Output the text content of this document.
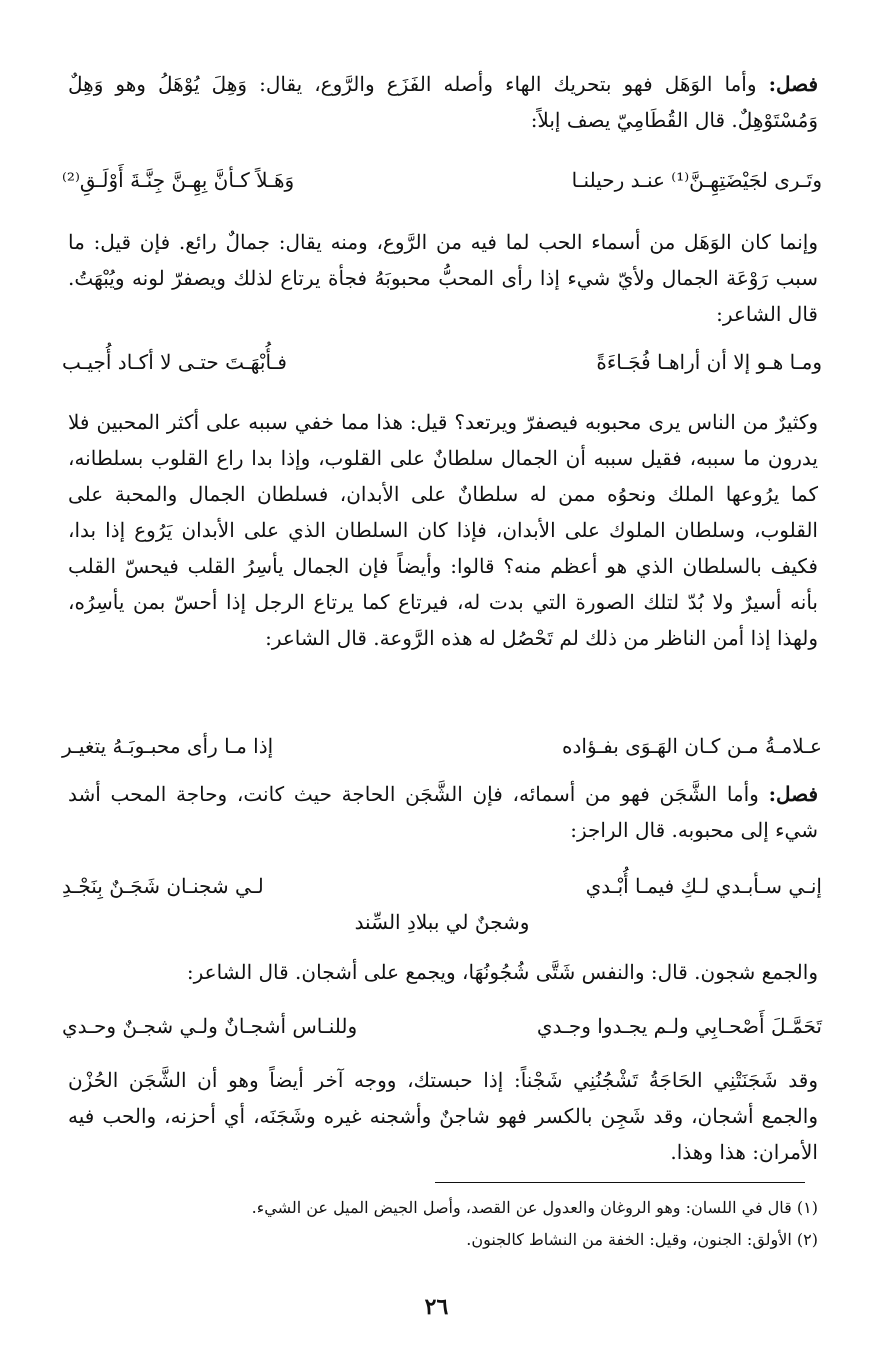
فصل: وأما الوَهَل فهو بتحريك الهاء وأصله الفَزَع والرَّوع، يقال: وَهِلَ يُوْهَلُ وهو وَهِلٌ وَمُسْتَوْهِلٌ. قال القُطَامِيّ يصف إبلاً:
وتَـرى لجَيْضَتِهِـنَّ⁽¹⁾ عنـد رحيلنـا
وَهَـلاً كـأنَّ بِهِـنَّ جِنَّـةَ أَوْلَـقِ⁽²⁾
وإنما كان الوَهَل من أسماء الحب لما فيه من الرَّوع، ومنه يقال: جمالٌ رائع. فإن قيل: ما سبب رَوْعَة الجمال ولأيّ شيء إذا رأى المحبُّ محبوبَهُ فجأة يرتاع لذلك ويصفرّ لونه ويُبْهَتُ. قال الشاعر:
ومـا هـو إلا أن أراهـا فُجَـاءَةً
فـأُبْهَـتَ حتـى لا أكـاد أُجيـب
وكثيرٌ من الناس يرى محبوبه فيصفرّ ويرتعد؟ قيل: هذا مما خفي سببه على أكثر المحبين فلا يدرون ما سببه، فقيل سببه أن الجمال سلطانٌ على القلوب، وإذا بدا راع القلوب بسلطانه، كما يرُوعها الملك ونحوُه ممن له سلطانٌ على الأبدان، فسلطان الجمال والمحبة على القلوب، وسلطان الملوك على الأبدان، فإذا كان السلطان الذي على الأبدان يَرُوع إذا بدا، فكيف بالسلطان الذي هو أعظم منه؟ قالوا: وأيضاً فإن الجمال يأسِرُ القلب فيحسّ القلب بأنه أسيرٌ ولا بُدّ لتلك الصورة التي بدت له، فيرتاع كما يرتاع الرجل إذا أحسّ بمن يأسِرُه، ولهذا إذا أمن الناظر من ذلك لم تَحْصُل له هذه الرَّوعة. قال الشاعر:
عـلامـةُ مـن كـان الهَـوَى بفـؤاده
إذا مـا رأى محبـوبَـهُ يتغيـر
فصل: وأما الشَّجَن فهو من أسمائه، فإن الشَّجَن الحاجة حيث كانت، وحاجة المحب أشد شيء إلى محبوبه. قال الراجز:
إنـي سـأبـدي لـكِ فيمـا أُبْـدي
لـي شجنـان شَجَـنٌ بِنَجْـدِ
وشجنٌ لي ببلادِ السِّند
والجمع شجون. قال: والنفس شَتَّى شُجُونُهَا، ويجمع على أشجان. قال الشاعر:
تَحَمَّـلَ أَصْحـابِي ولـم يجـدوا وجـدي
وللنـاس أشجـانٌ ولـي شجـنٌ وحـدي
وقد شَجَنَتْنِي الحَاجَةُ تَشْجُنُنِي شَجْناً: إذا حبستك، ووجه آخر أيضاً وهو أن الشَّجَن الحُزْن والجمع أشجان، وقد شَجِن بالكسر فهو شاجنٌ وأشجنه غيره وشَجَنَه، أي أحزنه، والحب فيه الأمران: هذا وهذا.
(١) قال في اللسان: وهو الروغان والعدول عن القصد، وأصل الجيض الميل عن الشيء.
(٢) الأولق: الجنون، وقيل: الخفة من النشاط كالجنون.
٢٦
